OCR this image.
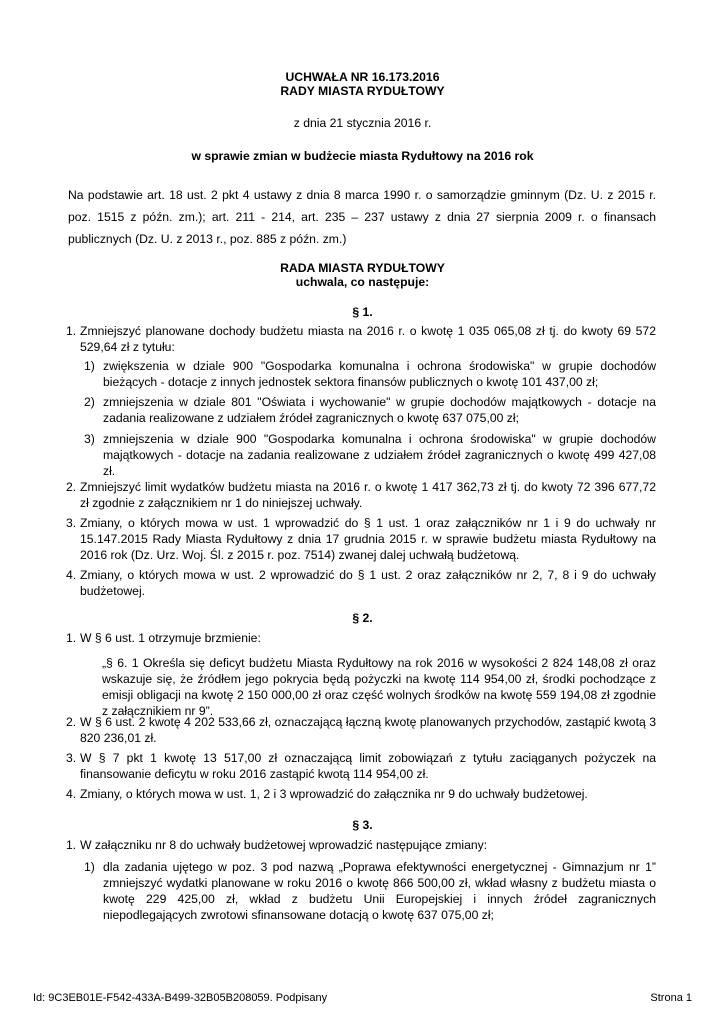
UCHWAŁA NR 16.173.2016
RADY MIASTA RYDUŁTOWY
z dnia 21 stycznia 2016 r.
w sprawie zmian w budżecie miasta Rydułtowy na 2016 rok
Na podstawie art. 18 ust. 2 pkt 4 ustawy z dnia 8 marca 1990 r. o samorządzie gminnym (Dz. U. z 2015 r. poz. 1515 z późn. zm.); art. 211 - 214, art. 235 – 237 ustawy z dnia 27 sierpnia 2009 r. o finansach publicznych (Dz. U. z 2013 r., poz. 885 z późn. zm.)
RADA MIASTA RYDUŁTOWY
uchwala, co następuje:
§ 1.
1. Zmniejszyć planowane dochody budżetu miasta na 2016 r. o kwotę 1 035 065,08 zł tj. do kwoty 69 572 529,64 zł z tytułu:
1) zwiększenia w dziale 900 "Gospodarka komunalna i ochrona środowiska" w grupie dochodów bieżących - dotacje z innych jednostek sektora finansów publicznych o kwotę 101 437,00 zł;
2) zmniejszenia w dziale 801 "Oświata i wychowanie" w grupie dochodów majątkowych - dotacje na zadania realizowane z udziałem źródeł zagranicznych o kwotę 637 075,00 zł;
3) zmniejszenia w dziale 900 "Gospodarka komunalna i ochrona środowiska" w grupie dochodów majątkowych - dotacje na zadania realizowane z udziałem źródeł zagranicznych o kwotę 499 427,08 zł.
2. Zmniejszyć limit wydatków budżetu miasta na 2016 r. o kwotę 1 417 362,73 zł tj. do kwoty 72 396 677,72 zł zgodnie z załącznikiem nr 1 do niniejszej uchwały.
3. Zmiany, o których mowa w ust. 1 wprowadzić do § 1 ust. 1 oraz załączników nr 1 i 9 do uchwały nr 15.147.2015 Rady Miasta Rydułtowy z dnia 17 grudnia 2015 r. w sprawie budżetu miasta Rydułtowy na 2016 rok (Dz. Urz. Woj. Śl. z 2015 r. poz. 7514) zwanej dalej uchwałą budżetową.
4. Zmiany, o których mowa w ust. 2 wprowadzić do § 1 ust. 2 oraz załączników nr 2, 7, 8 i 9 do uchwały budżetowej.
§ 2.
1. W § 6 ust. 1 otrzymuje brzmienie:
„§ 6. 1 Określa się deficyt budżetu Miasta Rydułtowy na rok 2016 w wysokości 2 824 148,08 zł oraz wskazuje się, że źródłem jego pokrycia będą pożyczki na kwotę 114 954,00 zł, środki pochodzące z emisji obligacji na kwotę 2 150 000,00 zł oraz część wolnych środków na kwotę 559 194,08 zł zgodnie z załącznikiem nr 9”.
2. W § 6 ust. 2 kwotę 4 202 533,66 zł, oznaczającą łączną kwotę planowanych przychodów, zastąpić kwotą 3 820 236,01 zł.
3. W § 7 pkt 1 kwotę 13 517,00 zł oznaczającą limit zobowiązań z tytułu zaciąganych pożyczek na finansowanie deficytu w roku 2016 zastąpić kwotą 114 954,00 zł.
4. Zmiany, o których mowa w ust. 1, 2 i 3 wprowadzić do załącznika nr 9 do uchwały budżetowej.
§ 3.
1. W załączniku nr 8 do uchwały budżetowej wprowadzić następujące zmiany:
1) dla zadania ujętego w poz. 3 pod nazwą „Poprawa efektywności energetycznej - Gimnazjum nr 1” zmniejszyć wydatki planowane w roku 2016 o kwotę 866 500,00 zł, wkład własny z budżetu miasta o kwotę 229 425,00 zł, wkład z budżetu Unii Europejskiej i innych źródeł zagranicznych niepodlegających zwrotowi sfinansowane dotacją o kwotę 637 075,00 zł;
Id: 9C3EB01E-F542-433A-B499-32B05B208059. Podpisany	Strona 1
